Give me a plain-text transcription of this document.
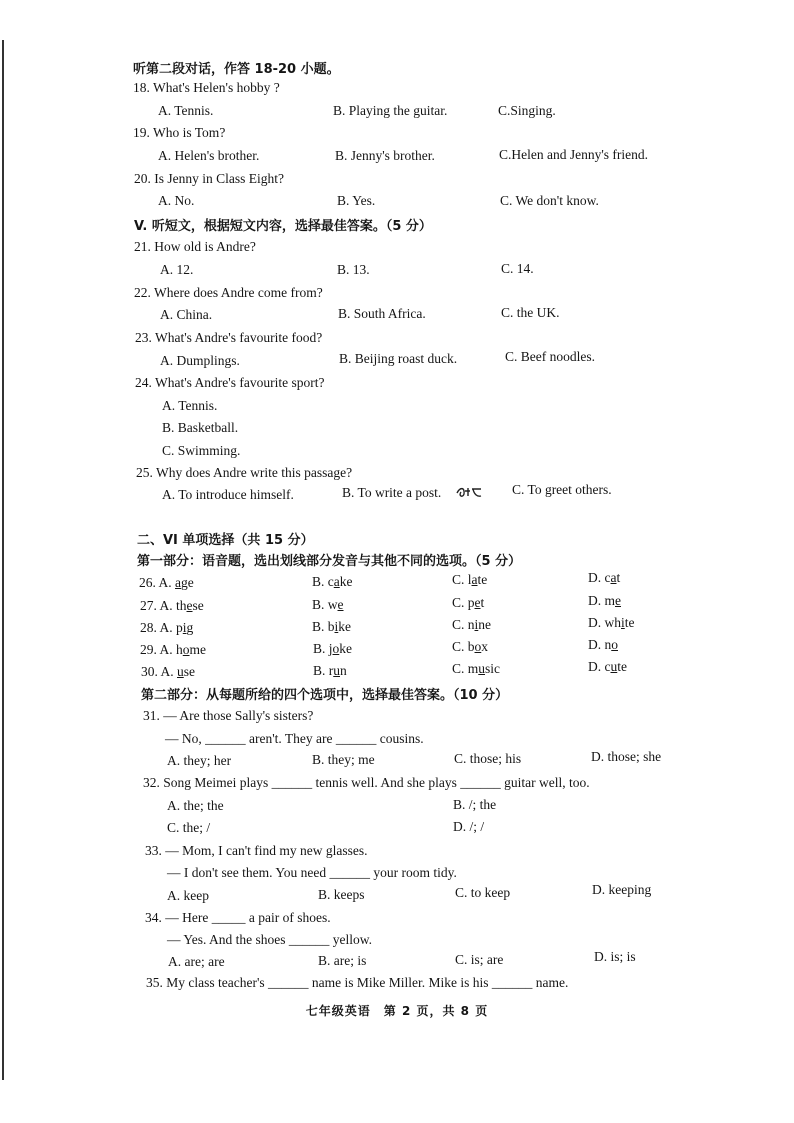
听第二段对话，作答 18-20 小题。
18. What's Helen's hobby ?
A. Tennis.	B. Playing the guitar.	C.Singing.
19. Who is Tom?
A. Helen's brother.	B. Jenny's brother.	C.Helen and Jenny's friend.
20. Is Jenny in Class Eight?
A. No.	B. Yes.	C. We don't know.
V. 听短文，根据短文内容，选择最佳答案。（5 分）
21. How old is Andre?
A. 12.	B. 13.	C. 14.
22. Where does Andre come from?
A. China.	B. South Africa.	C. the UK.
23. What's Andre's favourite food?
A. Dumplings.	B. Beijing roast duck.	C. Beef noodles.
24. What's Andre's favourite sport?
A. Tennis.
B. Basketball.
C. Swimming.
25. Why does Andre write this passage?
A. To introduce himself.	B. To write a post.	C. To greet others.
二、VI 单项选择（共 15 分）
第一部分：语音题，选出划线部分发音与其他不同的选项。（5 分）
26. A. age	B. cake	C. late	D. cat
27. A. these	B. we	C. pet	D. me
28. A. pig	B. bike	C. nine	D. white
29. A. home	B. joke	C. box	D. no
30. A. use	B. run	C. music	D. cute
第二部分：从每题所给的四个选项中，选择最佳答案。（10 分）
31. — Are those Sally's sisters?
— No, ______ aren't. They are ______ cousins.
A. they; her	B. they; me	C. those; his	D. those; she
32. Song Meimei plays ______ tennis well. And she plays ______ guitar well, too.
A. the; the	B. /; the
C. the; /	D. /; /
33. — Mom, I can't find my new glasses.
— I don't see them. You need ______ your room tidy.
A. keep	B. keeps	C. to keep	D. keeping
34. — Here _____ a pair of shoes.
— Yes. And the shoes ______ yellow.
A. are; are	B. are; is	C. is; are	D. is; is
35. My class teacher's ______ name is Mike Miller. Mike is his ______ name.
七年级英语　第 2 页，共 8 页
